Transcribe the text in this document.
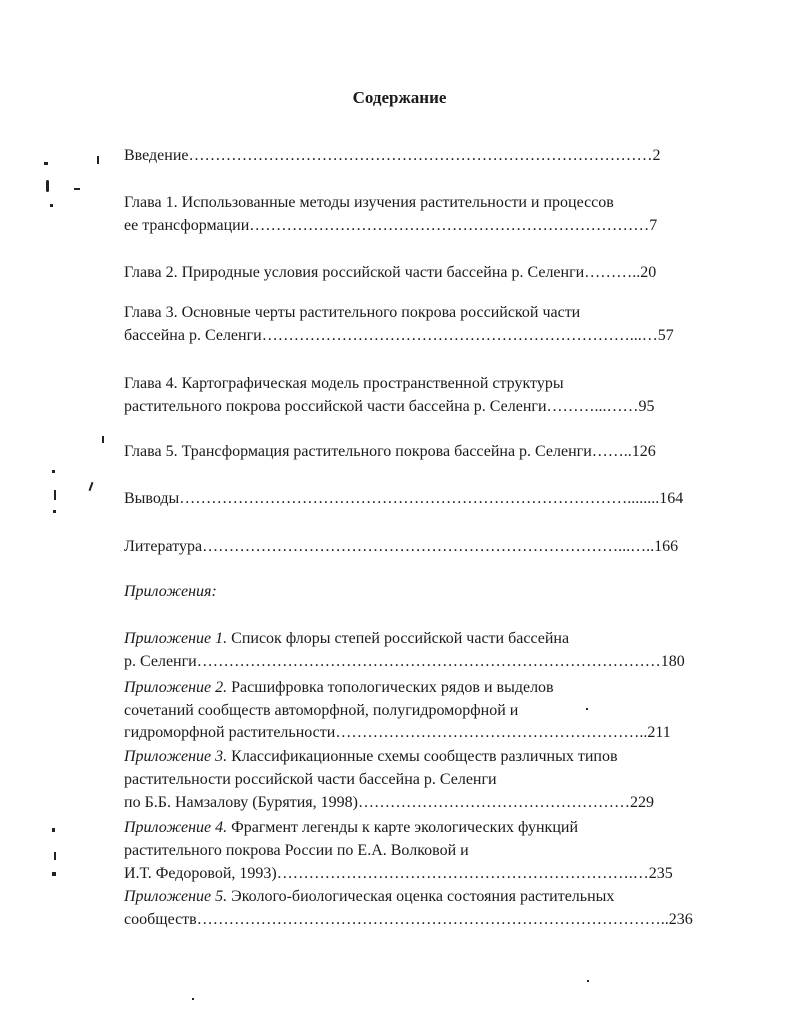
Содержание
Введение……………………………………………………………………………2
Глава 1. Использованные методы изучения растительности и процессов
ее трансформации…………………………………………………………………7
Глава 2. Природные условия российской части бассейна р. Селенги………..20
Глава 3. Основные черты растительного покрова российской части
бассейна р. Селенги……………………………………………………………...…57
Глава 4. Картографическая модель пространственной структуры
растительного покрова российской части бассейна р. Селенги………...……95
Глава 5. Трансформация растительного покрова бассейна р. Селенги……..126
Выводы…………………………………………………………………………........164
Литература……………………………………………………………………...…..166
Приложения:
Приложение 1. Список флоры степей российской части бассейна
р. Селенги……………………………………………………………………………180
Приложение 2. Расшифровка топологических рядов и выделов
сочетаний сообществ автоморфной, полугидроморфной и
гидроморфной растительности…………………………………………………..211
Приложение 3. Классификационные схемы сообществ различных типов
растительности российской части бассейна р. Селенги
по Б.Б. Намзалову (Бурятия, 1998)……………………………………………229
Приложение 4. Фрагмент легенды к карте экологических функций
растительного покрова России по Е.А. Волковой и
И.Т. Федоровой, 1993)………………………………………………………….…235
Приложение 5. Эколого-биологическая оценка состояния растительных
сообществ……………………………………………………………………………..236
